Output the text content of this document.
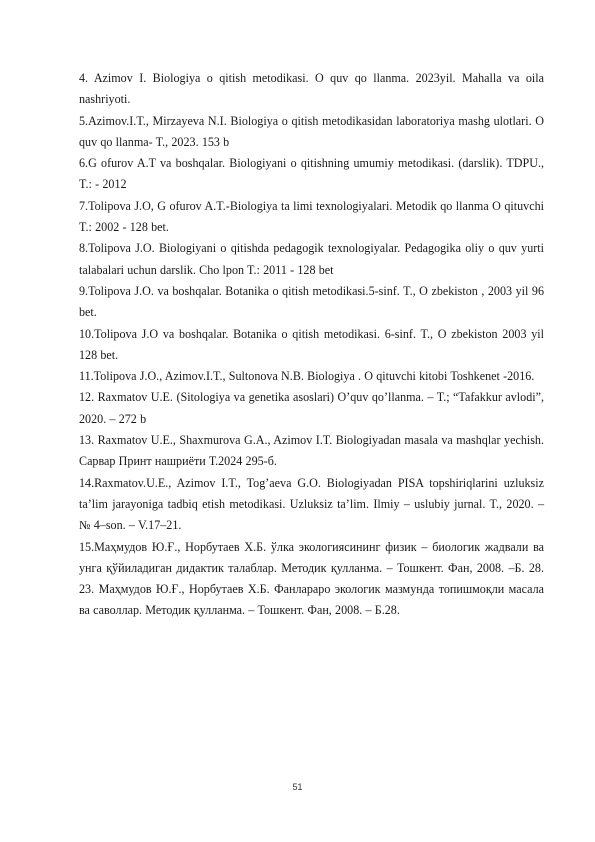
4. Azimov I. Biologiya o qitish metodikasi. O quv qo llanma. 2023yil. Mahalla va oila nashriyoti.

5.Azimov.I.T., Mirzayeva N.I. Biologiya o qitish metodikasidan laboratoriya mashg ulotlari. O quv qo llanma- T., 2023. 153 b

6.G ofurov A.T va boshqalar. Biologiyani o qitishning umumiy metodikasi. (darslik). TDPU., T.: - 2012

7.Tolipova J.O, G ofurov A.T.-Biologiya ta limi texnologiyalari. Metodik qo llanma O qituvchi T.: 2002 - 128 bet.

8.Tolipova J.O. Biologiyani o qitishda pedagogik texnologiyalar. Pedagogika oliy o quv yurti talabalari uchun darslik. Cho lpon T.: 2011 - 128 bet

9.Tolipova J.O. va boshqalar. Botanika o qitish metodikasi.5-sinf. T., O zbekiston , 2003 yil 96 bet.

10.Tolipova J.O va boshqalar. Botanika o qitish metodikasi. 6-sinf. T., O zbekiston 2003 yil 128 bet.

11.Tolipova J.O., Azimov.I.T., Sultonova N.B. Biologiya . O qituvchi kitobi Toshkenet -2016.

12. Raxmatov U.E. (Sitologiya va genetika asoslari) O’quv qo’llanma. – T.; “Tafakkur avlodi”, 2020. – 272 b

13. Raxmatov U.E., Shaxmurova G.A., Azimov I.T. Biologiyadan masala va mashqlar yechish. Сарвар Принт нашриёти Т.2024 295-б.

14.Raxmatov.U.E., Azimov I.T., Tog’aeva G.O. Biologiyadan PISA topshiriqlarini uzluksiz ta’lim jarayoniga tadbiq etish metodikasi. Uzluksiz ta’lim. Ilmiy – uslubiy jurnal. T., 2020. – № 4–son. – V.17–21.

15.Маҳмудов Ю.Ғ., Норбутаев Х.Б. ўлка экологиясининг физик – биологик жадвали ва унга қўйиладиган дидактик талаблар. Методик қулланма. – Тошкент. Фан, 2008. –Б. 28. 23. Маҳмудов Ю.Ғ., Норбутаев Х.Б. Фанлараро экологик мазмунда топишмоқли масала ва саволлар. Методик қулланма. – Тошкент. Фан, 2008. – Б.28.

51
